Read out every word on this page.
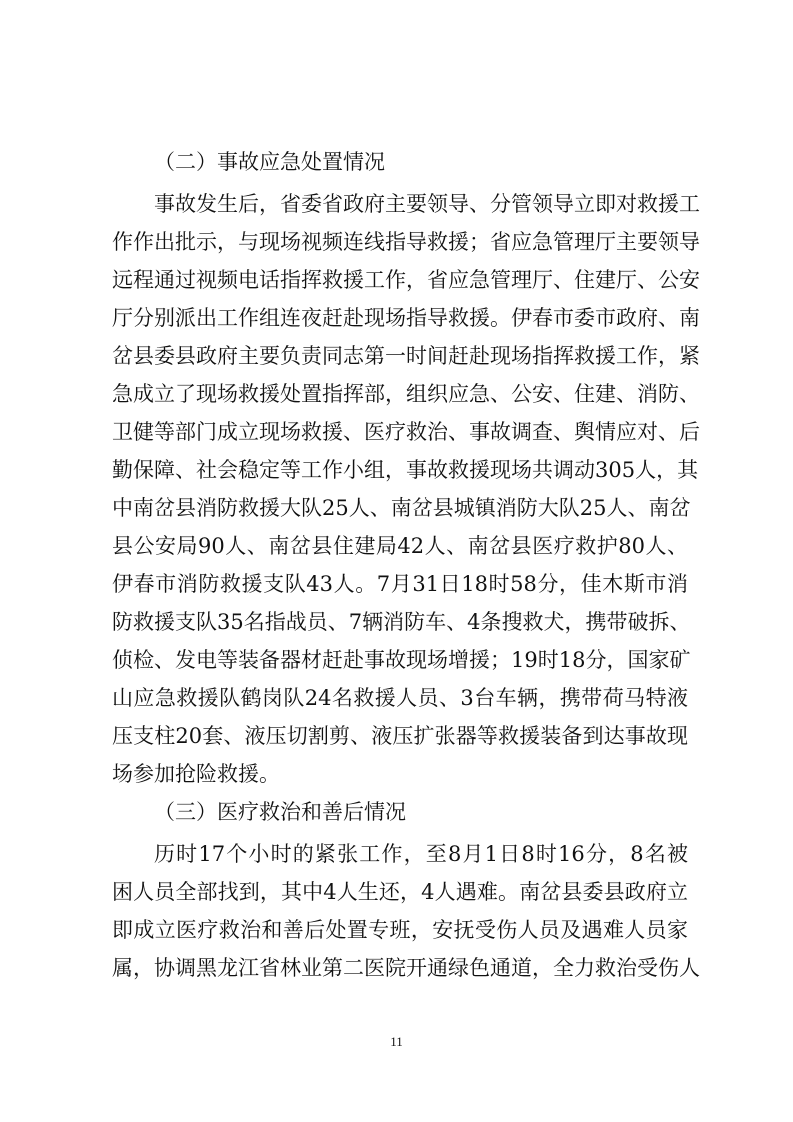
（二）事故应急处置情况
事故发生后，省委省政府主要领导、分管领导立即对救援工
作作出批示，与现场视频连线指导救援；省应急管理厅主要领导
远程通过视频电话指挥救援工作，省应急管理厅、住建厅、公安
厅分别派出工作组连夜赶赴现场指导救援。伊春市委市政府、南
岔县委县政府主要负责同志第一时间赶赴现场指挥救援工作，紧
急成立了现场救援处置指挥部，组织应急、公安、住建、消防、
卫健等部门成立现场救援、医疗救治、事故调查、舆情应对、后
勤保障、社会稳定等工作小组，事故救援现场共调动305人，其
中南岔县消防救援大队25人、南岔县城镇消防大队25人、南岔
县公安局90人、南岔县住建局42人、南岔县医疗救护80人、
伊春市消防救援支队43人。7月31日18时58分，佳木斯市消
防救援支队35名指战员、7辆消防车、4条搜救犬，携带破拆、
侦检、发电等装备器材赶赴事故现场增援；19时18分，国家矿
山应急救援队鹤岗队24名救援人员、3台车辆，携带荷马特液
压支柱20套、液压切割剪、液压扩张器等救援装备到达事故现
场参加抢险救援。
（三）医疗救治和善后情况
历时17个小时的紧张工作，至8月1日8时16分，8名被
困人员全部找到，其中4人生还，4人遇难。南岔县委县政府立
即成立医疗救治和善后处置专班，安抚受伤人员及遇难人员家
属，协调黑龙江省林业第二医院开通绿色通道，全力救治受伤人
11
